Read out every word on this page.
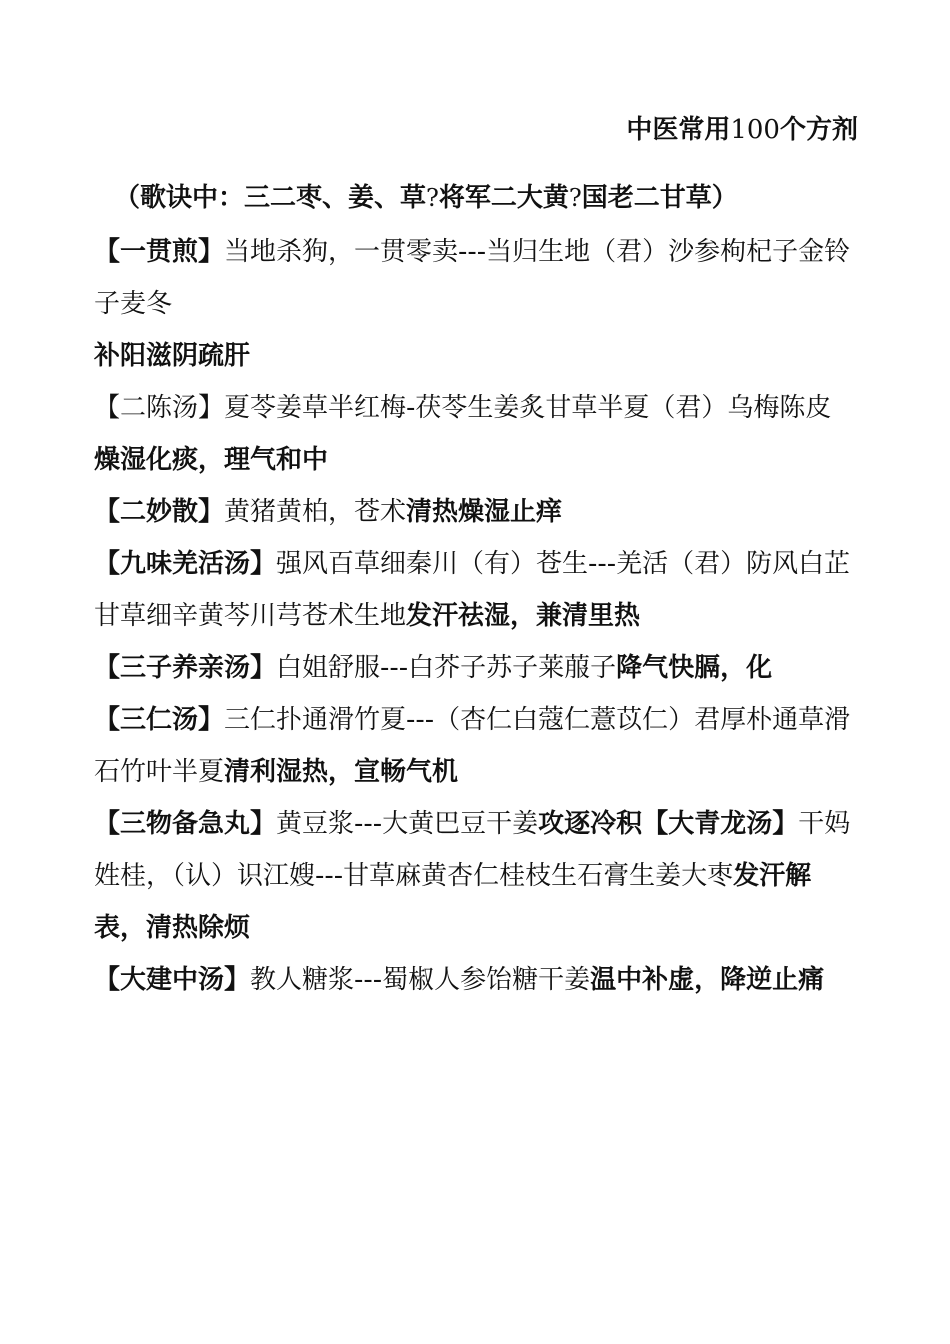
中医常用100个方剂
（歌诀中：三二枣、姜、草?将军二大黄?国老二甘草）

【一贯煎】当地杀狗，一贯零卖---当归生地（君）沙参枸杞子金铃子麦冬

补阳滋阴疏肝

【二陈汤】夏苓姜草半红梅-茯苓生姜炙甘草半夏（君）乌梅陈皮燥湿化痰，理气和中

【二妙散】黄猪黄柏，苍术清热燥湿止痒

【九味羌活汤】强风百草细秦川（有）苍生---羌活（君）防风白芷甘草细辛黄芩川芎苍术生地发汗祛湿，兼清里热

【三子养亲汤】白姐舒服---白芥子苏子莱菔子降气快膈，化

【三仁汤】三仁扑通滑竹夏---（杏仁白蔻仁薏苡仁）君厚朴通草滑石竹叶半夏清利湿热，宣畅气机

【三物备急丸】黄豆浆---大黄巴豆干姜攻逐冷积【大青龙汤】干妈姓桂，（认）识江嫂---甘草麻黄杏仁桂枝生石膏生姜大枣发汗解表，清热除烦

【大建中汤】教人糖浆---蜀椒人参饴糖干姜温中补虚，降逆止痛
